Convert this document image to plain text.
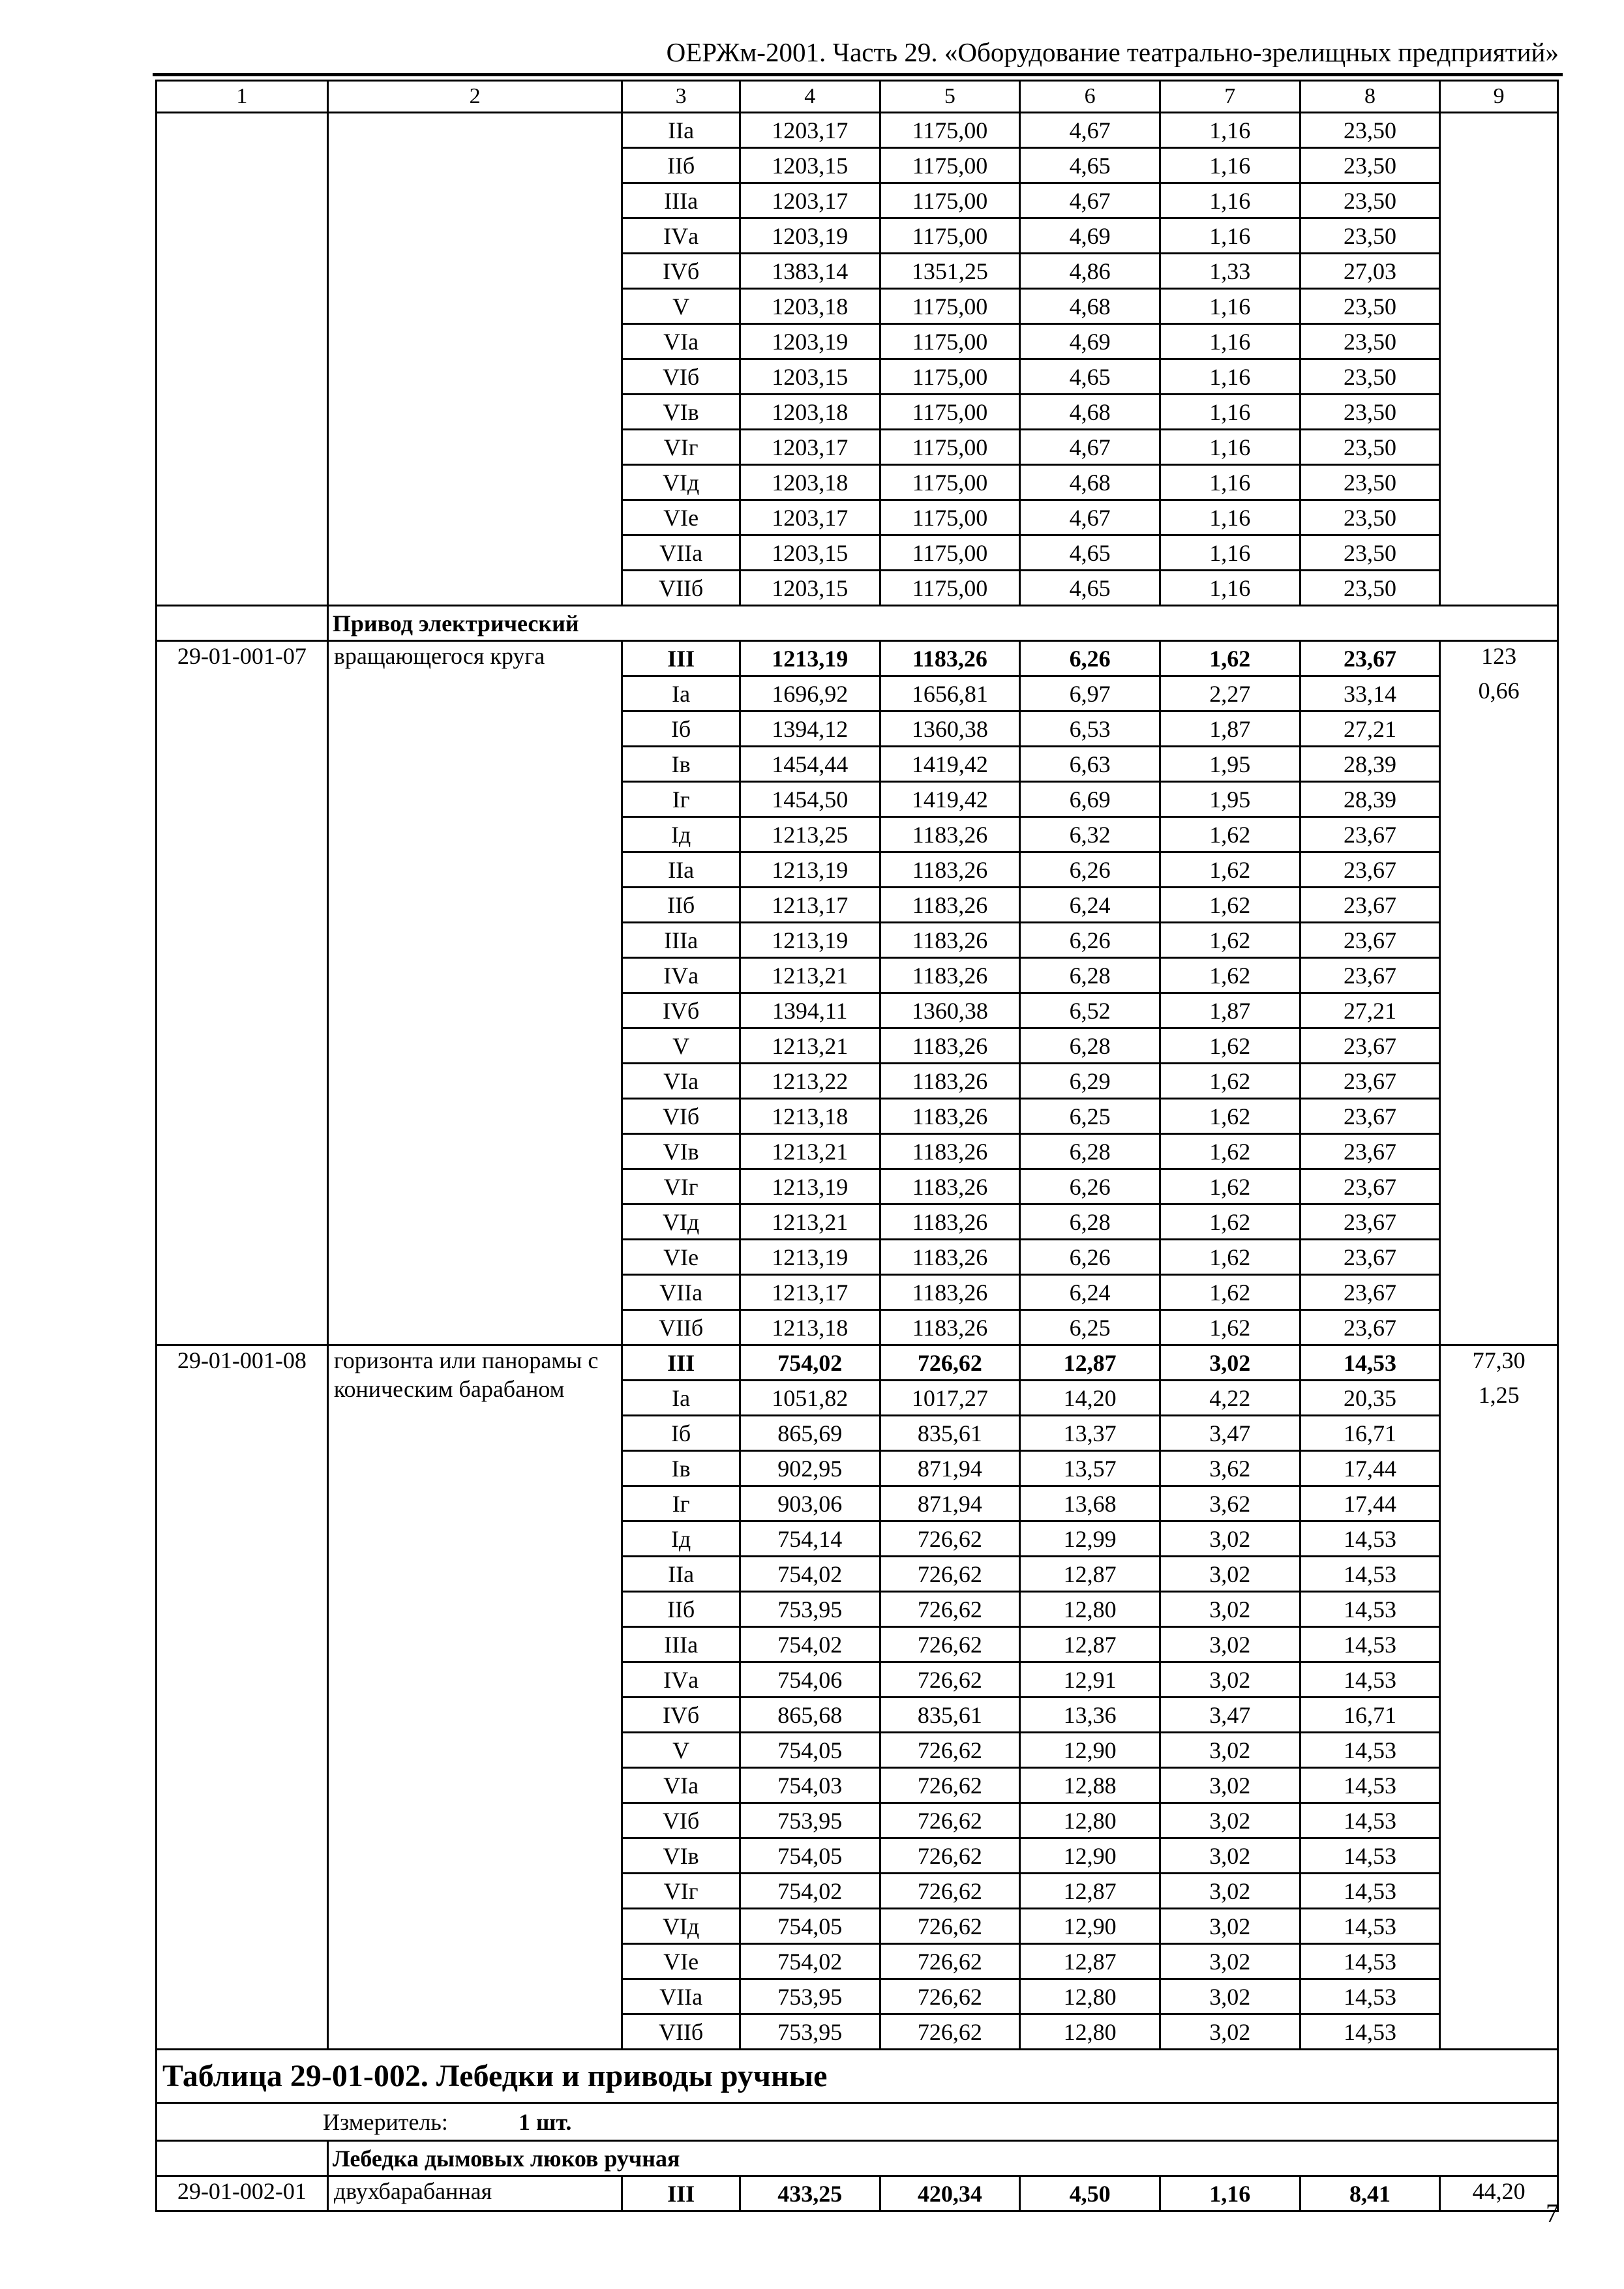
ОЕРЖм-2001. Часть 29. «Оборудование театрально-зрелищных предприятий»
1	2	3	4	5	6	7	8	9
		IIа	1203,17	1175,00	4,67	1,16	23,50	
		IIб	1203,15	1175,00	4,65	1,16	23,50	
		IIIа	1203,17	1175,00	4,67	1,16	23,50	
		IVа	1203,19	1175,00	4,69	1,16	23,50	
		IVб	1383,14	1351,25	4,86	1,33	27,03	
		V	1203,18	1175,00	4,68	1,16	23,50	
		VIа	1203,19	1175,00	4,69	1,16	23,50	
		VIб	1203,15	1175,00	4,65	1,16	23,50	
		VIв	1203,18	1175,00	4,68	1,16	23,50	
		VIг	1203,17	1175,00	4,67	1,16	23,50	
		VIд	1203,18	1175,00	4,68	1,16	23,50	
		VIе	1203,17	1175,00	4,67	1,16	23,50	
		VIIа	1203,15	1175,00	4,65	1,16	23,50	
		VIIб	1203,15	1175,00	4,65	1,16	23,50	
	Привод электрический							
29-01-001-07	вращающегося круга	III	1213,19	1183,26	6,26	1,62	23,67	123
		Iа	1696,92	1656,81	6,97	2,27	33,14	0,66
		Iб	1394,12	1360,38	6,53	1,87	27,21	
		Iв	1454,44	1419,42	6,63	1,95	28,39	
		Iг	1454,50	1419,42	6,69	1,95	28,39	
		Iд	1213,25	1183,26	6,32	1,62	23,67	
		IIа	1213,19	1183,26	6,26	1,62	23,67	
		IIб	1213,17	1183,26	6,24	1,62	23,67	
		IIIа	1213,19	1183,26	6,26	1,62	23,67	
		IVа	1213,21	1183,26	6,28	1,62	23,67	
		IVб	1394,11	1360,38	6,52	1,87	27,21	
		V	1213,21	1183,26	6,28	1,62	23,67	
		VIа	1213,22	1183,26	6,29	1,62	23,67	
		VIб	1213,18	1183,26	6,25	1,62	23,67	
		VIв	1213,21	1183,26	6,28	1,62	23,67	
		VIг	1213,19	1183,26	6,26	1,62	23,67	
		VIд	1213,21	1183,26	6,28	1,62	23,67	
		VIе	1213,19	1183,26	6,26	1,62	23,67	
		VIIа	1213,17	1183,26	6,24	1,62	23,67	
		VIIб	1213,18	1183,26	6,25	1,62	23,67	
29-01-001-08	горизонта или панорамы с коническим барабаном	III	754,02	726,62	12,87	3,02	14,53	77,30
		Iа	1051,82	1017,27	14,20	4,22	20,35	1,25
		Iб	865,69	835,61	13,37	3,47	16,71	
		Iв	902,95	871,94	13,57	3,62	17,44	
		Iг	903,06	871,94	13,68	3,62	17,44	
		Iд	754,14	726,62	12,99	3,02	14,53	
		IIа	754,02	726,62	12,87	3,02	14,53	
		IIб	753,95	726,62	12,80	3,02	14,53	
		IIIа	754,02	726,62	12,87	3,02	14,53	
		IVа	754,06	726,62	12,91	3,02	14,53	
		IVб	865,68	835,61	13,36	3,47	16,71	
		V	754,05	726,62	12,90	3,02	14,53	
		VIа	754,03	726,62	12,88	3,02	14,53	
		VIб	753,95	726,62	12,80	3,02	14,53	
		VIв	754,05	726,62	12,90	3,02	14,53	
		VIг	754,02	726,62	12,87	3,02	14,53	
		VIд	754,05	726,62	12,90	3,02	14,53	
		VIе	754,02	726,62	12,87	3,02	14,53	
		VIIа	753,95	726,62	12,80	3,02	14,53	
		VIIб	753,95	726,62	12,80	3,02	14,53	
Таблица 29-01-002. Лебедки и приводы ручные								
Измеритель: 1 шт.								
	Лебедка дымовых люков ручная							
29-01-002-01	двухбарабанная	III	433,25	420,34	4,50	1,16	8,41	44,20
7
